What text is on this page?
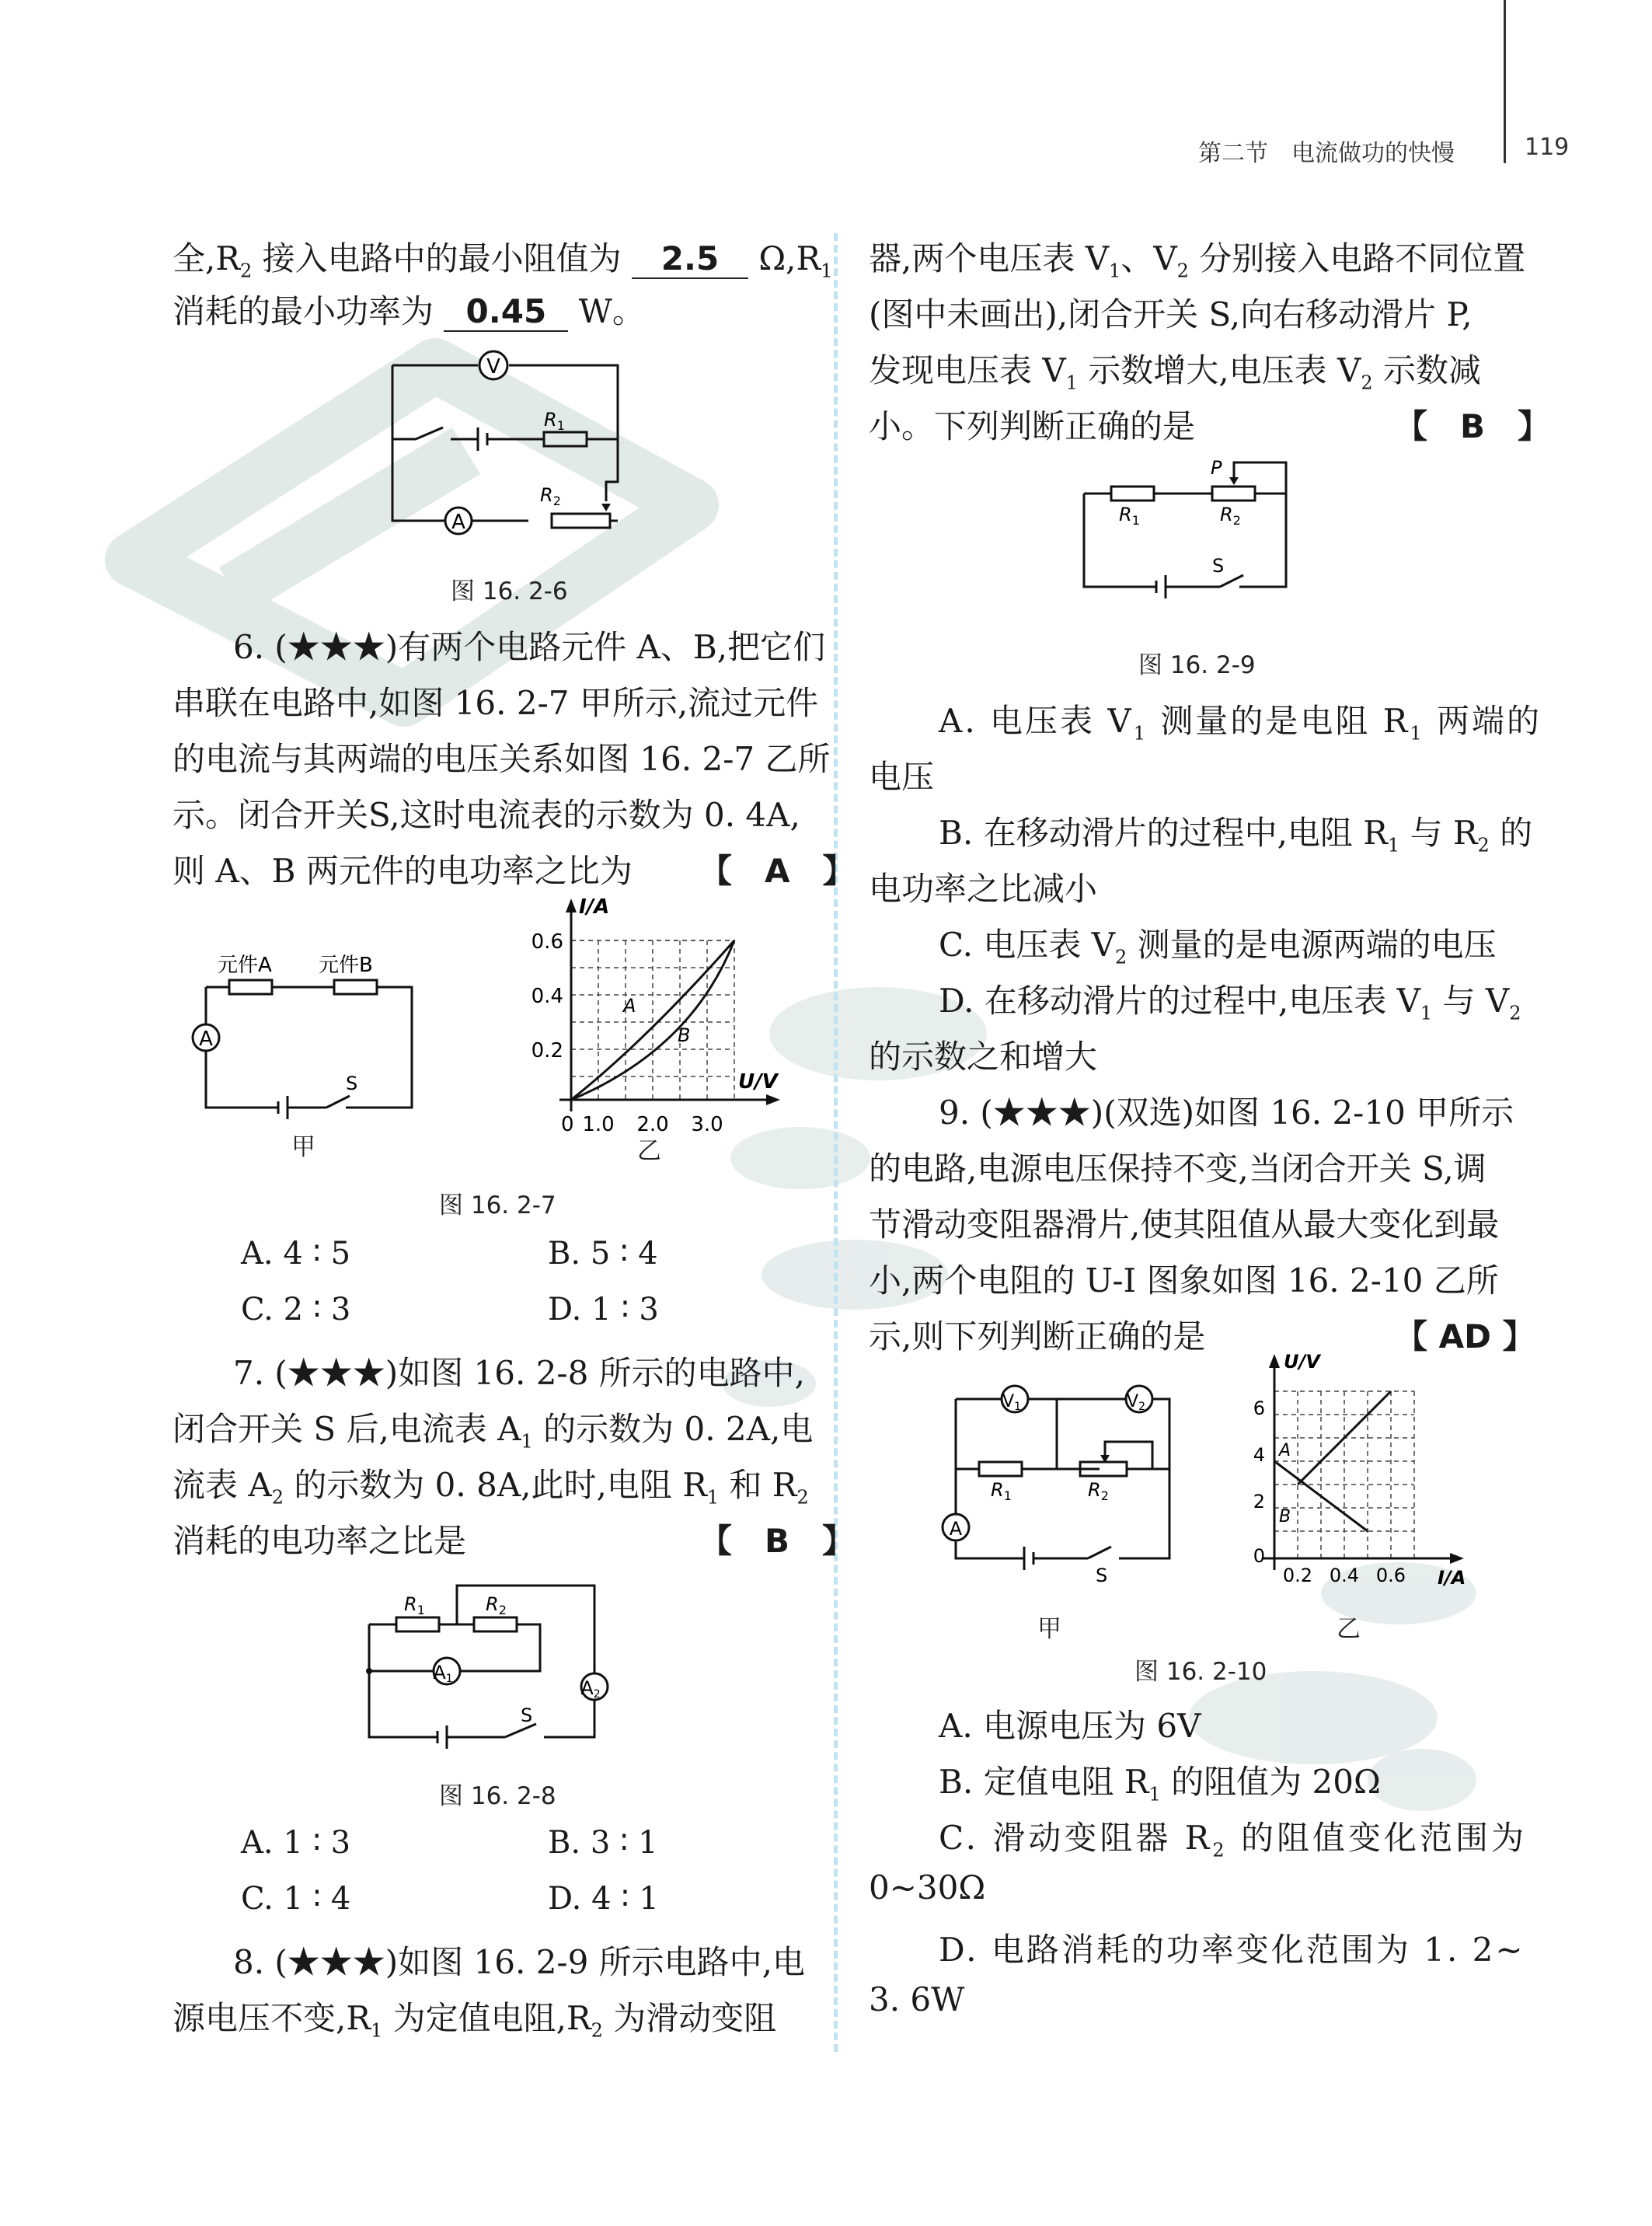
第二节　电流做功的快慢	119
全$,R_2$ 接入电路中的最小阻值为 2.5 $\Omega,R_1$
消耗的最小功率为 0.45 W。
V
A
$R_1$
$R_2$
图 16. 2-6
6. (★★★)有两个电路元件 A、B,把它们
串联在电路中,如图 16. 2-7 甲所示,流过元件
的电流与其两端的电压关系如图 16. 2-7 乙所
示。闭合开关S,这时电流表的示数为 0. 4A,
则 A、B 两元件的电功率之比为 【　A　】
A
元件A 元件B
S
甲
I/A
U/V
0.6
0.4
0.2
0 1.0 2.0 3.0
A
B
乙
图 16. 2-7
A. 4 ∶ 5	B. 5 ∶ 4
C. 2 ∶ 3	D. 1 ∶ 3
7. (★★★)如图 16. 2-8 所示的电路中,
闭合开关 S 后,电流表 $A_1$ 的示数为 0. 2A,电
流表 $A_2$ 的示数为 0. 8A,此时,电阻 $R_1$ 和 $R_2$
消耗的电功率之比是	【　B　】
A1	A2
$R_1$	$R_2$
S
图 16. 2-8
A. 1 ∶ 3	B. 3 ∶ 1
C. 1 ∶ 4	D. 4 ∶ 1
8. (★★★)如图 16. 2-9 所示电路中,电
源电压不变$,R_1$ 为定值电阻$,R_2$ 为滑动变阻
器,两个电压表 $V_1$、$V_2$ 分别接入电路不同位置
(图中未画出),闭合开关 S,向右移动滑片 P,
发现电压表 $V_1$ 示数增大,电压表 $V_2$ 示数减
小。下列判断正确的是	【　B　】
P
$R_1$	$R_2$
S
图 16. 2-9
A. 电压表 $V_1$ 测量的是电阻 $R_1$ 两端的
电压
B. 在移动滑片的过程中,电阻 $R_1$ 与 $R_2$ 的
电功率之比减小
C. 电压表 $V_2$ 测量的是电源两端的电压
D. 在移动滑片的过程中,电压表 $V_1$ 与 $V_2$
的示数之和增大
9. (★★★)(双选)如图 16. 2-10 甲所示
的电路,电源电压保持不变,当闭合开关 S,调
节滑动变阻器滑片,使其阻值从最大变化到最
小,两个电阻的 U-I 图象如图 16. 2-10 乙所
示,则下列判断正确的是	【 AD 】
V1	V2
A
$R_1$	$R_2$
S
甲
U/V
I/A
6
4
2
0
0.2 0.4 0.6
A
B
乙
图 16. 2-10
A. 电源电压为 6V
B. 定值电阻 $R_1$ 的阻值为 20Ω
C. 滑动变阻器 $R_2$ 的阻值变化范围为
0~30Ω
D. 电路消耗的功率变化范围为 1. 2~
3. 6W
